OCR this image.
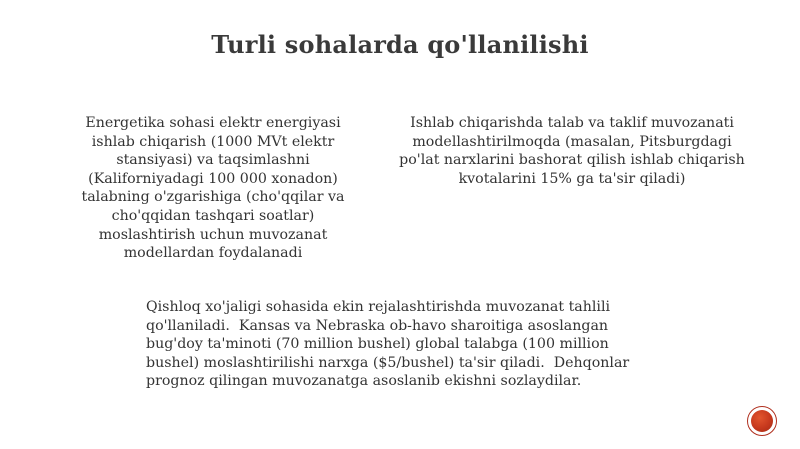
Turli sohalarda qo'llanilishi
Energetika sohasi elektr energiyasi ishlab chiqarish (1000 MVt elektr stansiyasi) va taqsimlashni (Kaliforniyadagi 100 000 xonadon) talabning o'zgarishiga (cho'qqilar va cho'qqidan tashqari soatlar) moslashtirish uchun muvozanat modellardan foydalanadi
Ishlab chiqarishda talab va taklif muvozanati modellashtirilmoqda (masalan, Pitsburgdagi po'lat narxlarini bashorat qilish ishlab chiqarish kvotalarini 15% ga ta'sir qiladi)
Qishloq xo'jaligi sohasida ekin rejalashtirishda muvozanat tahlili qo'llaniladi.  Kansas va Nebraska ob-havo sharoitiga asoslangan bug'doy ta'minoti (70 million bushel) global talabga (100 million bushel) moslashtirilishi narxga ($5/bushel) ta'sir qiladi.  Dehqonlar prognoz qilingan muvozanatga asoslanib ekishni sozlaydilar.
